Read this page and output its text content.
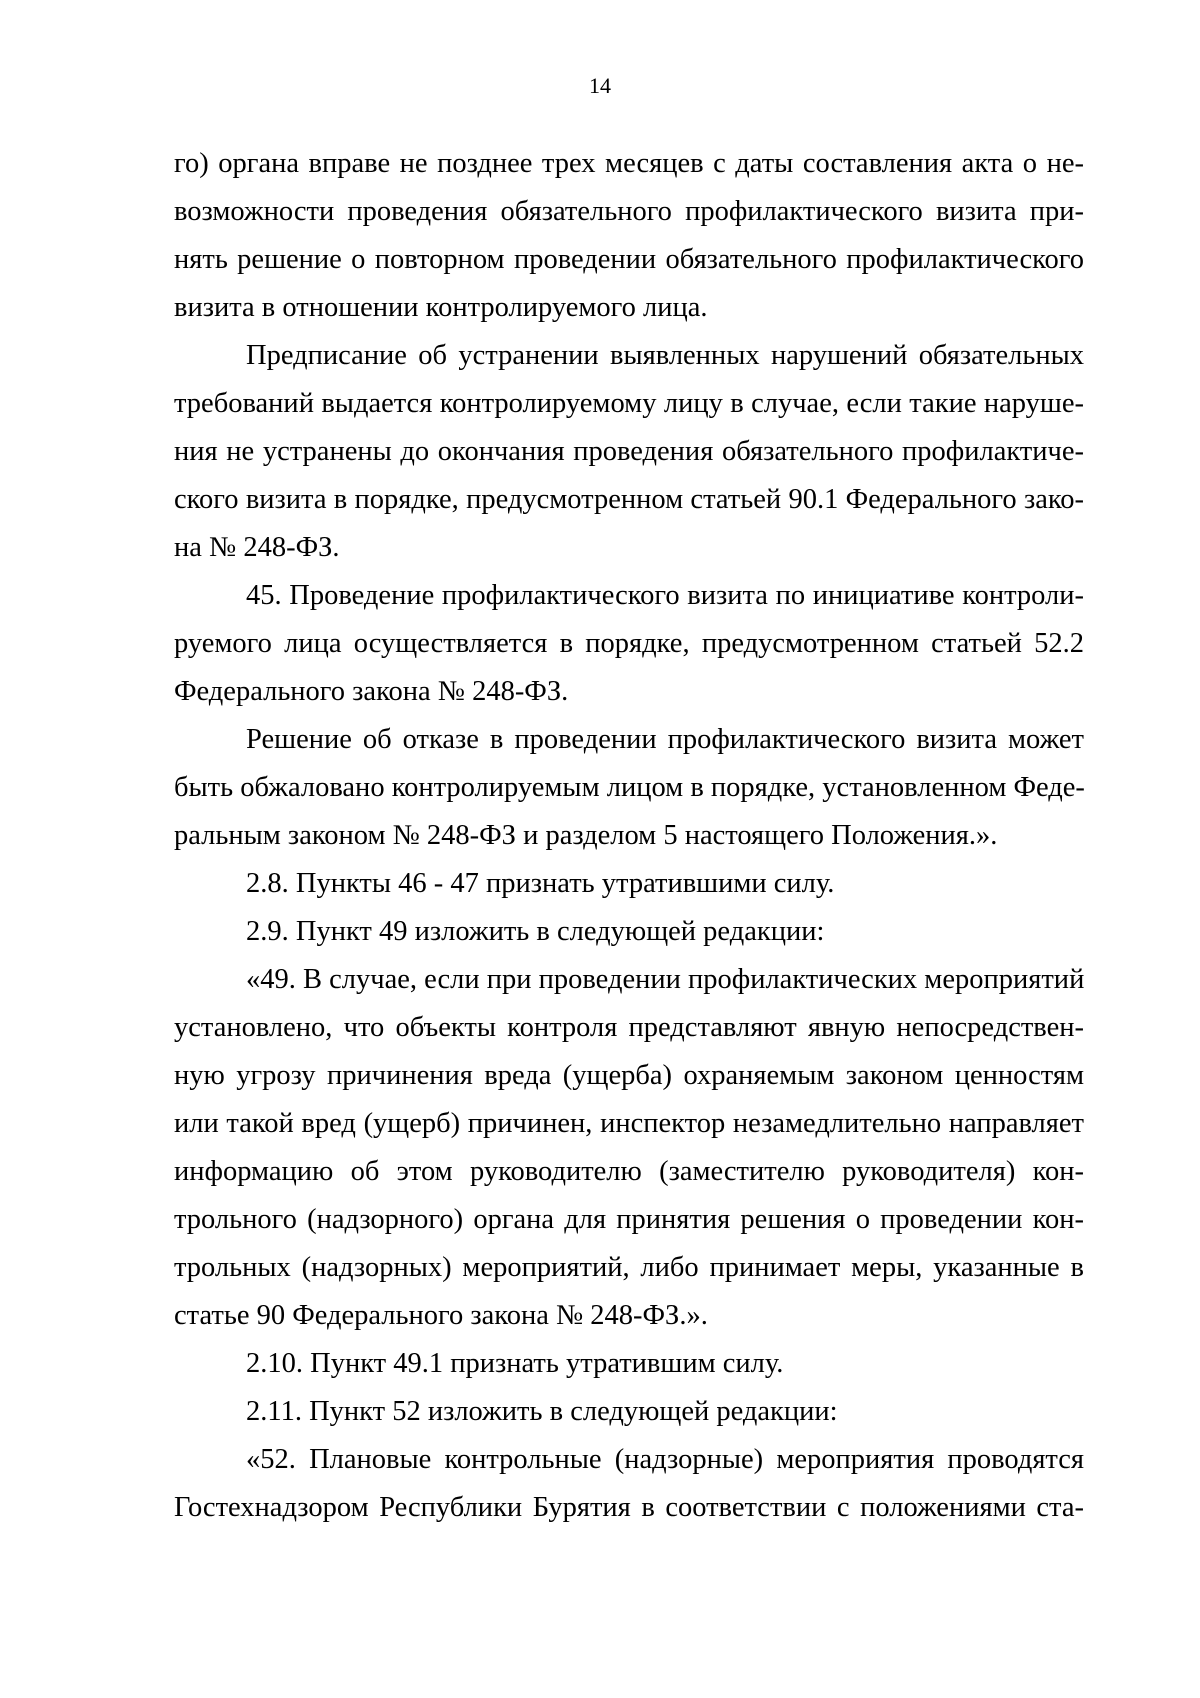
14
го) органа вправе не позднее трех месяцев с даты составления акта о не-
возможности проведения обязательного профилактического визита при-
нять решение о повторном проведении обязательного профилактического
визита в отношении контролируемого лица.
Предписание об устранении выявленных нарушений обязательных
требований выдается контролируемому лицу в случае, если такие наруше-
ния не устранены до окончания проведения обязательного профилактиче-
ского визита в порядке, предусмотренном статьей 90.1 Федерального зако-
на № 248-ФЗ.
45. Проведение профилактического визита по инициативе контроли-
руемого лица осуществляется в порядке, предусмотренном статьей 52.2
Федерального закона № 248-ФЗ.
Решение об отказе в проведении профилактического визита может
быть обжаловано контролируемым лицом в порядке, установленном Феде-
ральным законом № 248-ФЗ и разделом 5 настоящего Положения.».
2.8. Пункты 46 - 47 признать утратившими силу.
2.9. Пункт 49 изложить в следующей редакции:
«49. В случае, если при проведении профилактических мероприятий
установлено, что объекты контроля представляют явную непосредствен-
ную угрозу причинения вреда (ущерба) охраняемым законом ценностям
или такой вред (ущерб) причинен, инспектор незамедлительно направляет
информацию об этом руководителю (заместителю руководителя) кон-
трольного (надзорного) органа для принятия решения о проведении кон-
трольных (надзорных) мероприятий, либо принимает меры, указанные в
статье 90 Федерального закона № 248-ФЗ.».
2.10. Пункт 49.1 признать утратившим силу.
2.11. Пункт 52 изложить в следующей редакции:
«52. Плановые контрольные (надзорные) мероприятия проводятся
Гостехнадзором Республики Бурятия в соответствии с положениями ста-
